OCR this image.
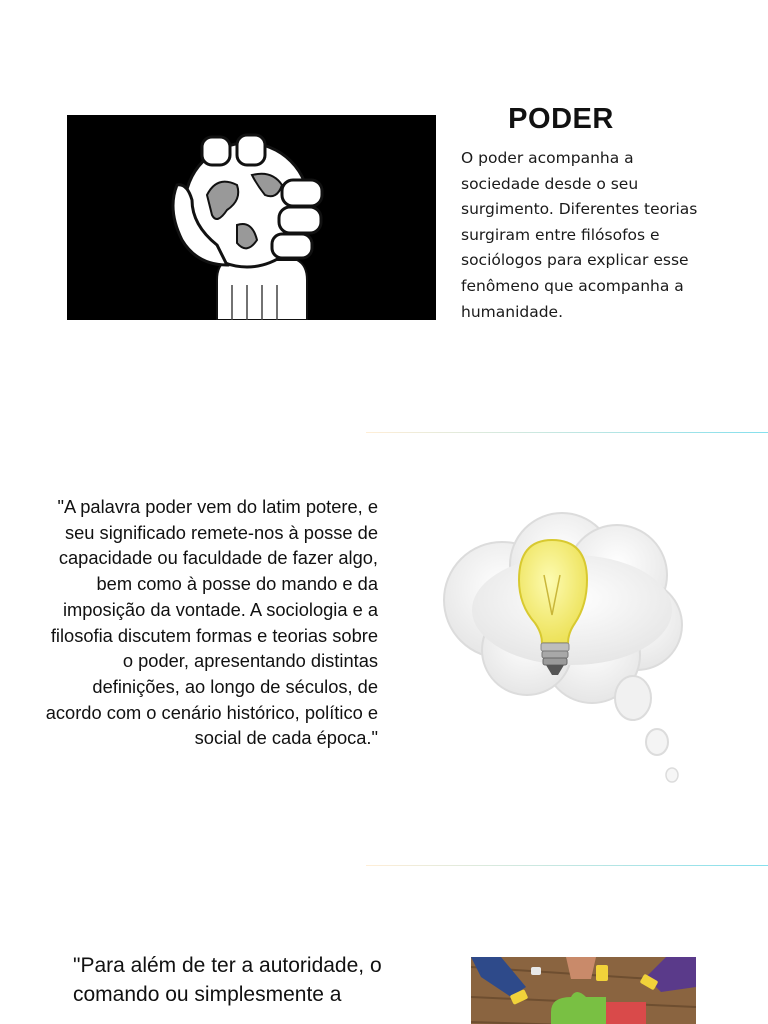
PODER

O poder acompanha a sociedade desde o seu surgimento. Diferentes teorias surgiram entre filósofos e sociólogos para explicar esse fenômeno que acompanha a humanidade.

"A palavra poder vem do latim potere, e seu significado remete-nos à posse de capacidade ou faculdade de fazer algo, bem como à posse do mando e da imposição da vontade. A sociologia e a filosofia discutem formas e teorias sobre o poder, apresentando distintas definições, ao longo de séculos, de acordo com o cenário histórico, político e social de cada época."

"Para além de ter a autoridade, o comando ou simplesmente a
